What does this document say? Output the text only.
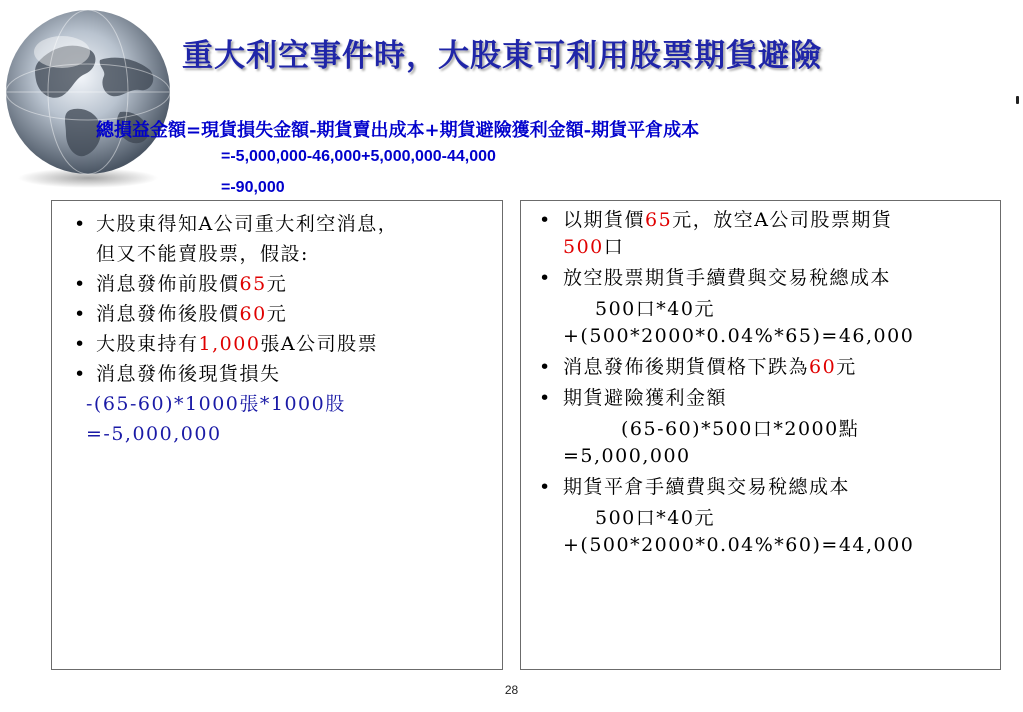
重大利空事件時，大股東可利用股票期貨避險
總損益金額=現貨損失金額-期貨賣出成本+期貨避險獲利金額-期貨平倉成本
=-5,000,000-46,000+5,000,000-44,000
=-90,000
• 大股東得知A公司重大利空消息，
但又不能賣股票，假設:
• 消息發佈前股價65元
• 消息發佈後股價60元
• 大股東持有1,000張A公司股票
• 消息發佈後現貨損失
-(65-60)*1000張*1000股
=-5,000,000
• 以期貨價65元，放空A公司股票期貨
500口
• 放空股票期貨手續費與交易稅總成本
500口*40元
+(500*2000*0.04%*65)=46,000
• 消息發佈後期貨價格下跌為60元
• 期貨避險獲利金額
(65-60)*500口*2000點
=5,000,000
• 期貨平倉手續費與交易稅總成本
500口*40元
+(500*2000*0.04%*60)=44,000
28
